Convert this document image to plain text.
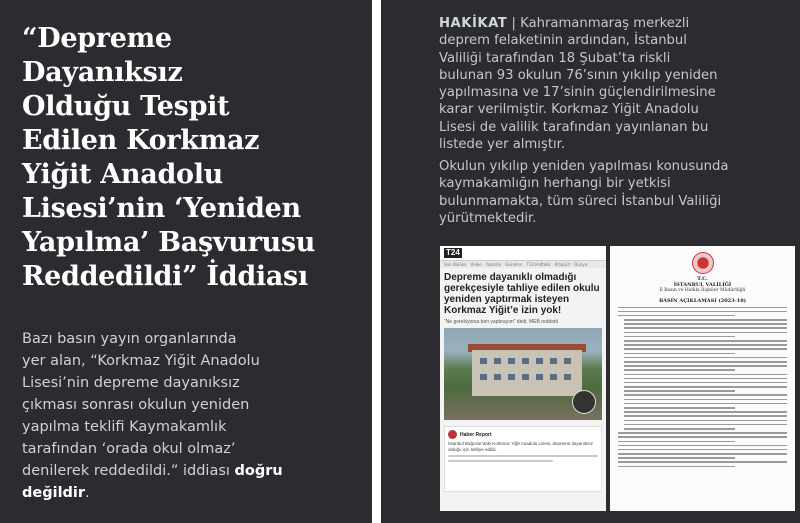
“Depreme
Dayanıksız
Olduğu Tespit
Edilen Korkmaz
Yiğit Anadolu
Lisesi’nin ‘Yeniden
Yapılma’ Başvurusu
Reddedildi” İddiası

Bazı basın yayın organlarında
yer alan, “Korkmaz Yiğit Anadolu
Lisesi’nin depreme dayanıksız
çıkması sonrası okulun yeniden
yapılma teklifi Kaymakamlık
tarafından ‘orada okul olmaz’
denilerek reddedildi.” iddiası doğru
değildir.

HAKİKAT | Kahramanmaraş merkezli
deprem felaketinin ardından, İstanbul
Valiliği tarafından 18 Şubat’ta riskli
bulunan 93 okulun 76’sının yıkılıp yeniden
yapılmasına ve 17’sinin güçlendirilmesine
karar verilmiştir. Korkmaz Yiğit Anadolu
Lisesi de valilik tarafından yayınlanan bu
listede yer almıştır.

Okulun yıkılıp yeniden yapılması konusunda
kaymakamlığın herhangi bir yetkisi
bulunmamakta, tüm süreci İstanbul Valiliği
yürütmektedir.

T24
Son Dakika Video Yazarlar Gündem T24 Haftalık Kitap24 Dünya
Depreme dayanıklı olmadığı gerekçesiyle tahliye edilen okulu yeniden yaptırmak isteyen Korkmaz Yiğit’e izin yok!
“Ne gerekiyorsa ben yaptırayım” dedi, MEB reddetti
Haber Report
İstanbul Bağcılar’daki Korkmaz Yiğit Anadolu Lisesi, depreme dayanıksız olduğu için tahliye edildi.
T.C.
İSTANBUL VALİLİĞİ
İl Basın ve Halkla İlişkiler Müdürlüğü
BASIN AÇIKLAMASI (2023-18)
